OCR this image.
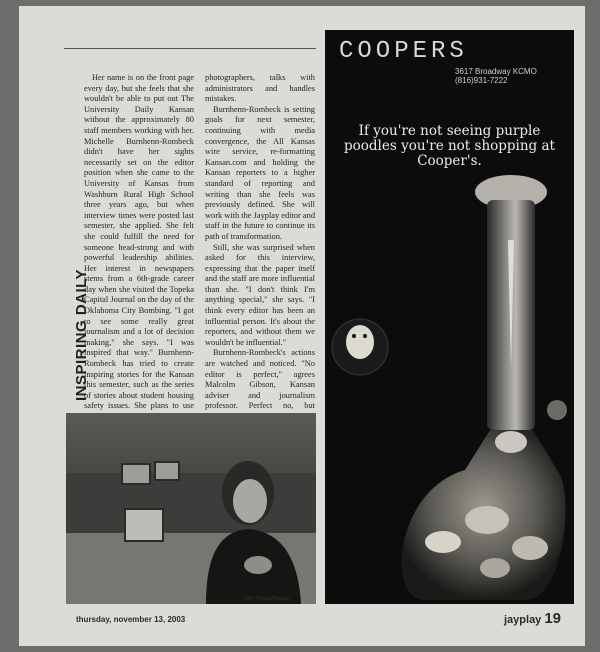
INSPIRING DAILY

Her name is on the front page every day, but she feels that she wouldn't be able to put out The University Daily Kansan without the approximately 80 staff members working with her. Michelle Burnhenn-Rombeck didn't have her sights necessarily set on the editor position when she came to the University of Kansas from Washburn Rural High School three years ago, but when interview times were posted last semester, she applied. She felt she could fulfill the need for someone head-strong and with powerful leadership abilities. Her interest in newspapers stems from a 6th-grade career day when she visited the Topeka Capital Journal on the day of the Oklahoma City Bombing. "I got to see some really great journalism and a lot of decision making," she says. "I was inspired that way." Burnhenn-Rombeck has tried to create inspiring stories for the Kansan this semester, such as the series of stories about student housing safety issues. She plans to use

photographers, talks with administrators and handles mistakes.

Burnhenn-Rombeck is setting goals for next semester, continuing with media convergence, the All Kansas wire service, re-formatting Kansan.com and holding the Kansan reporters to a higher standard of reporting and writing than she feels was previously defined. She will work with the Jayplay editor and staff in the future to continue its path of transformation.

Still, she was surprised when asked for this interview, expressing that the paper itself and the staff are more influential than she. "I don't think I'm anything special," she says. "I think every editor has been an influential person. It's about the reporters, and without them we wouldn't be influential."

Burnhenn-Rombeck's actions are watched and noticed. "No editor is perfect," agrees Malcolm Gibson, Kansan adviser and journalism professor. Perfect no, but

John Nowak/Kansan
COOPERS
3617 Broadway KCMO
(816)931-7222
If you're not seeing purple poodles you're not shopping at Cooper's.
thursday, november 13, 2003	jayplay 19
